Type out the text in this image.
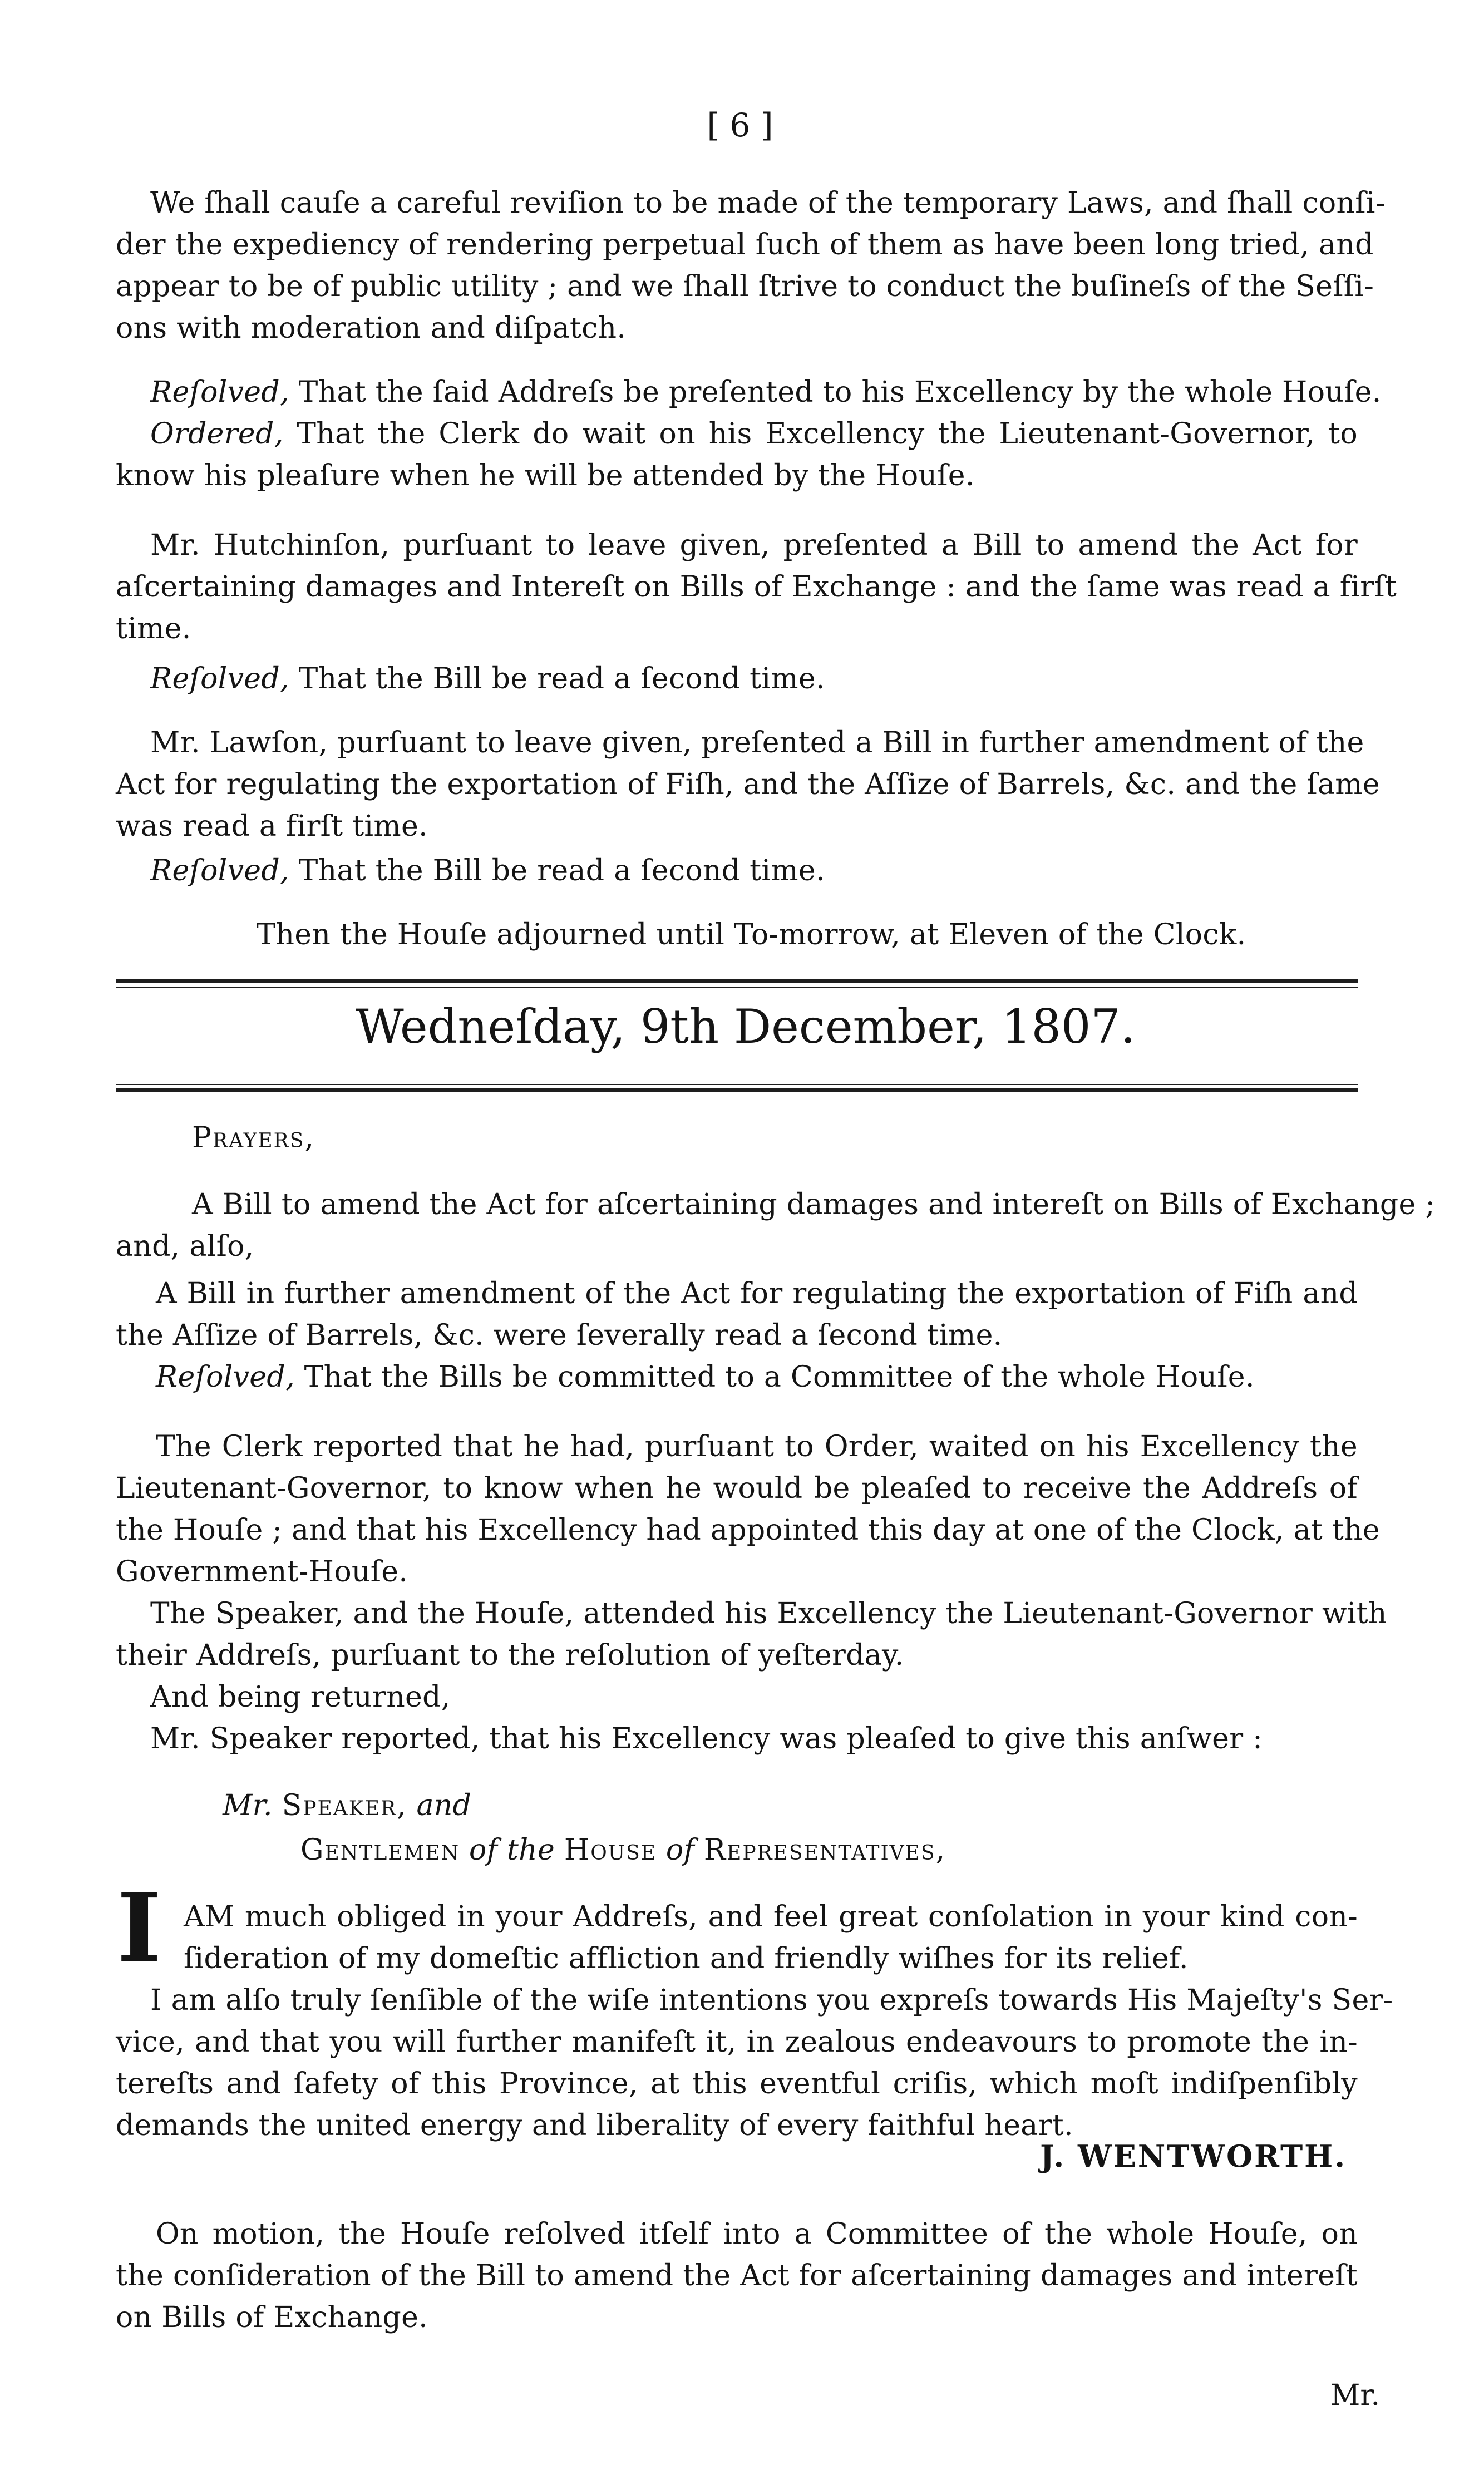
[ 6 ]
We ſhall cauſe a careful reviſion to be made of the temporary Laws, and ſhall conſi-
der the expediency of rendering perpetual ſuch of them as have been long tried, and
appear to be of public utility ; and we ſhall ſtrive to conduct the buſineſs of the Seſſi-
ons with moderation and diſpatch.
Reſolved, That the ſaid Addreſs be preſented to his Excellency by the whole Houſe.
Ordered, That the Clerk do wait on his Excellency the Lieutenant-Governor, to
know his pleaſure when he will be attended by the Houſe.
Mr. Hutchinſon, purſuant to leave given, preſented a Bill to amend the Act for
aſcertaining damages and Intereſt on Bills of Exchange : and the ſame was read a firſt
time.
Reſolved, That the Bill be read a ſecond time.
Mr. Lawſon, purſuant to leave given, preſented a Bill in further amendment of the
Act for regulating the exportation of Fiſh, and the Aſſize of Barrels, &c. and the ſame
was read a firſt time.
Reſolved, That the Bill be read a ſecond time.
Then the Houſe adjourned until To-morrow, at Eleven of the Clock.
Wedneſday, 9th December, 1807.
Prayers,
A Bill to amend the Act for aſcertaining damages and intereſt on Bills of Exchange ;
and, alſo,
A Bill in further amendment of the Act for regulating the exportation of Fiſh and
the Aſſize of Barrels, &c. were ſeverally read a ſecond time.
Reſolved, That the Bills be committed to a Committee of the whole Houſe.
The Clerk reported that he had, purſuant to Order, waited on his Excellency the
Lieutenant-Governor, to know when he would be pleaſed to receive the Addreſs of
the Houſe ; and that his Excellency had appointed this day at one of the Clock, at the
Government-Houſe.
The Speaker, and the Houſe, attended his Excellency the Lieutenant-Governor with
their Addreſs, purſuant to the reſolution of yeſterday.
And being returned,
Mr. Speaker reported, that his Excellency was pleaſed to give this anſwer :
Mr. Speaker, and
Gentlemen of the House of Representatives,
I AM much obliged in your Addreſs, and feel great conſolation in your kind con-
ſideration of my domeſtic affliction and friendly wiſhes for its relief.
I am alſo truly ſenſible of the wiſe intentions you expreſs towards His Majeſty's Ser-
vice, and that you will further manifeſt it, in zealous endeavours to promote the in-
tereſts and ſafety of this Province, at this eventful criſis, which moſt indiſpenſibly
demands the united energy and liberality of every faithful heart.
J. WENTWORTH.
On motion, the Houſe reſolved itſelf into a Committee of the whole Houſe, on
the conſideration of the Bill to amend the Act for aſcertaining damages and intereſt
on Bills of Exchange.
Mr.
